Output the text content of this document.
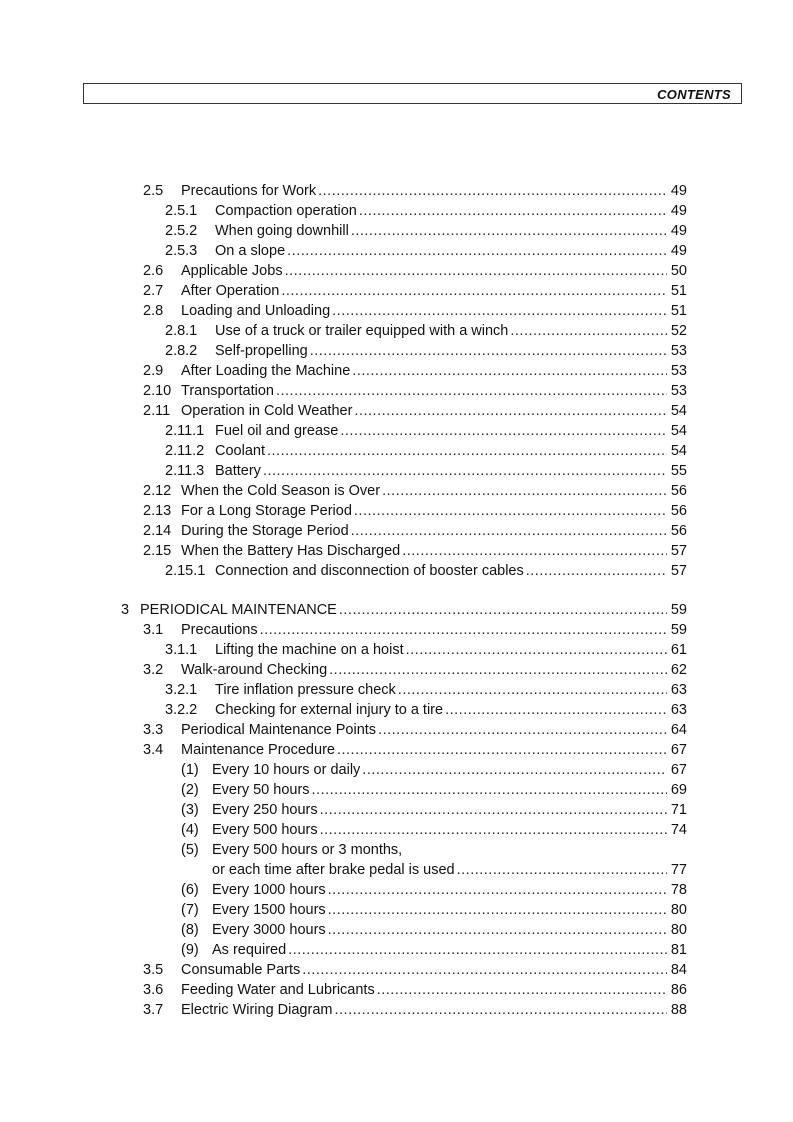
CONTENTS
2.5	Precautions for Work .....	49
2.5.1	Compaction operation .....	49
2.5.2	When going downhill .....	49
2.5.3	On a slope .....	49
2.6	Applicable Jobs .....	50
2.7	After Operation .....	51
2.8	Loading and Unloading .....	51
2.8.1	Use of a truck or trailer equipped with a winch .....	52
2.8.2	Self-propelling .....	53
2.9	After Loading the Machine .....	53
2.10 Transportation .....	53
2.11 Operation in Cold Weather .....	54
2.11.1 Fuel oil and grease .....	54
2.11.2 Coolant .....	54
2.11.3 Battery .....	55
2.12 When the Cold Season is Over .....	56
2.13 For a Long Storage Period .....	56
2.14 During the Storage Period .....	56
2.15 When the Battery Has Discharged .....	57
2.15.1 Connection and disconnection of booster cables .....	57
3 PERIODICAL MAINTENANCE .....	59
3.1	Precautions .....	59
3.1.1	Lifting the machine on a hoist .....	61
3.2	Walk-around Checking .....	62
3.2.1	Tire inflation pressure check .....	63
3.2.2	Checking for external injury to a tire .....	63
3.3	Periodical Maintenance Points .....	64
3.4	Maintenance Procedure .....	67
(1) Every 10 hours or daily .....	67
(2) Every 50 hours .....	69
(3) Every 250 hours .....	71
(4) Every 500 hours .....	74
(5) Every 500 hours or 3 months,
or each time after brake pedal is used .....	77
(6) Every 1000 hours .....	78
(7) Every 1500 hours .....	80
(8) Every 3000 hours .....	80
(9) As required .....	81
3.5	Consumable Parts .....	84
3.6	Feeding Water and Lubricants .....	86
3.7	Electric Wiring Diagram .....	88
